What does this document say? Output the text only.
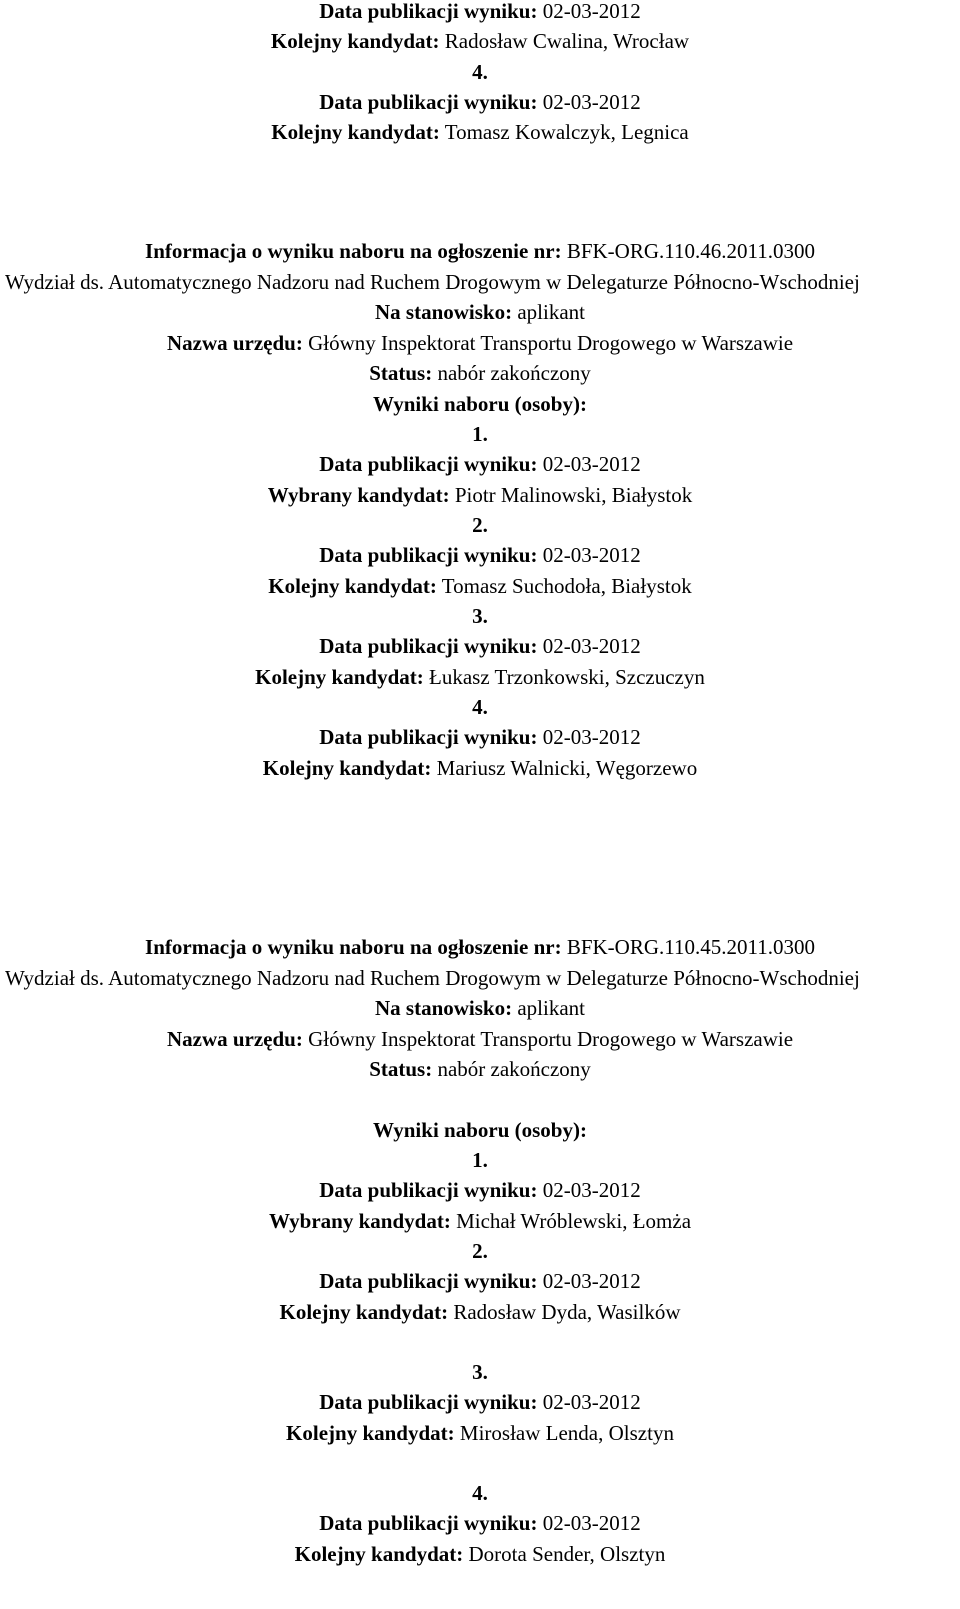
Data publikacji wyniku: 02-03-2012
Kolejny kandydat: Radosław Cwalina, Wrocław
4.
Data publikacji wyniku: 02-03-2012
Kolejny kandydat: Tomasz Kowalczyk, Legnica
Informacja o wyniku naboru na ogłoszenie nr: BFK-ORG.110.46.2011.0300
Wydział ds. Automatycznego Nadzoru nad Ruchem Drogowym w Delegaturze Północno-Wschodniej
Na stanowisko: aplikant
Nazwa urzędu: Główny Inspektorat Transportu Drogowego w Warszawie
Status: nabór zakończony
Wyniki naboru (osoby):
1.
Data publikacji wyniku: 02-03-2012
Wybrany kandydat: Piotr Malinowski, Białystok
2.
Data publikacji wyniku: 02-03-2012
Kolejny kandydat: Tomasz Suchodoła, Białystok
3.
Data publikacji wyniku: 02-03-2012
Kolejny kandydat: Łukasz Trzonkowski, Szczuczyn
4.
Data publikacji wyniku: 02-03-2012
Kolejny kandydat: Mariusz Walnicki, Węgorzewo
Informacja o wyniku naboru na ogłoszenie nr: BFK-ORG.110.45.2011.0300
Wydział ds. Automatycznego Nadzoru nad Ruchem Drogowym w Delegaturze Północno-Wschodniej
Na stanowisko: aplikant
Nazwa urzędu: Główny Inspektorat Transportu Drogowego w Warszawie
Status: nabór zakończony
Wyniki naboru (osoby):
1.
Data publikacji wyniku: 02-03-2012
Wybrany kandydat: Michał Wróblewski, Łomża
2.
Data publikacji wyniku: 02-03-2012
Kolejny kandydat: Radosław Dyda, Wasilków
3.
Data publikacji wyniku: 02-03-2012
Kolejny kandydat: Mirosław Lenda, Olsztyn
4.
Data publikacji wyniku: 02-03-2012
Kolejny kandydat: Dorota Sender, Olsztyn
